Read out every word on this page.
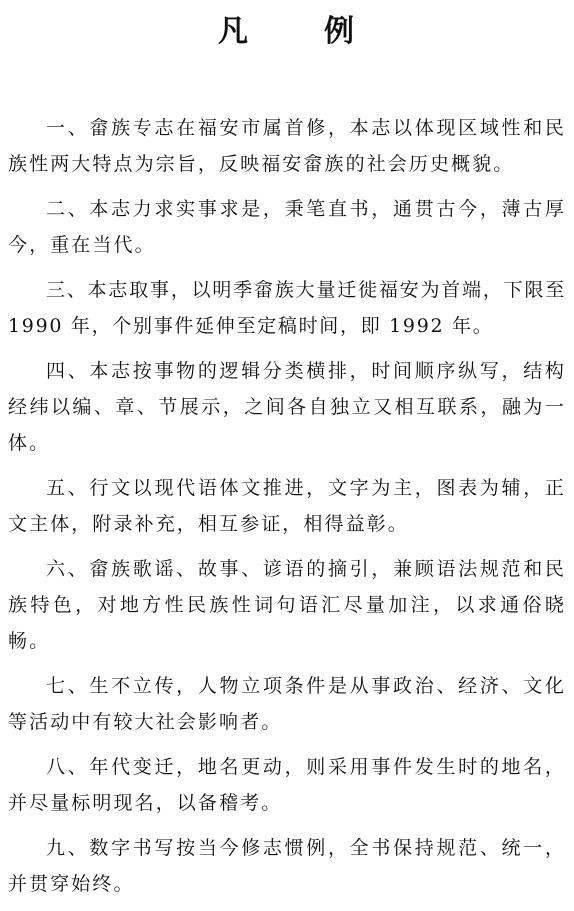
凡 例

一、畲族专志在福安市属首修，本志以体现区域性和民族性两大特点为宗旨，反映福安畲族的社会历史概貌。

二、本志力求实事求是，秉笔直书，通贯古今，薄古厚今，重在当代。

三、本志取事，以明季畲族大量迁徙福安为首端，下限至 1990 年，个别事件延伸至定稿时间，即 1992 年。

四、本志按事物的逻辑分类横排，时间顺序纵写，结构经纬以编、章、节展示，之间各自独立又相互联系，融为一体。

五、行文以现代语体文推进，文字为主，图表为辅，正文主体，附录补充，相互参证，相得益彰。

六、畲族歌谣、故事、谚语的摘引，兼顾语法规范和民族特色，对地方性民族性词句语汇尽量加注，以求通俗晓畅。

七、生不立传，人物立项条件是从事政治、经济、文化等活动中有较大社会影响者。

八、年代变迁，地名更动，则采用事件发生时的地名，并尽量标明现名，以备稽考。

九、数字书写按当今修志惯例，全书保持规范、统一，并贯穿始终。
